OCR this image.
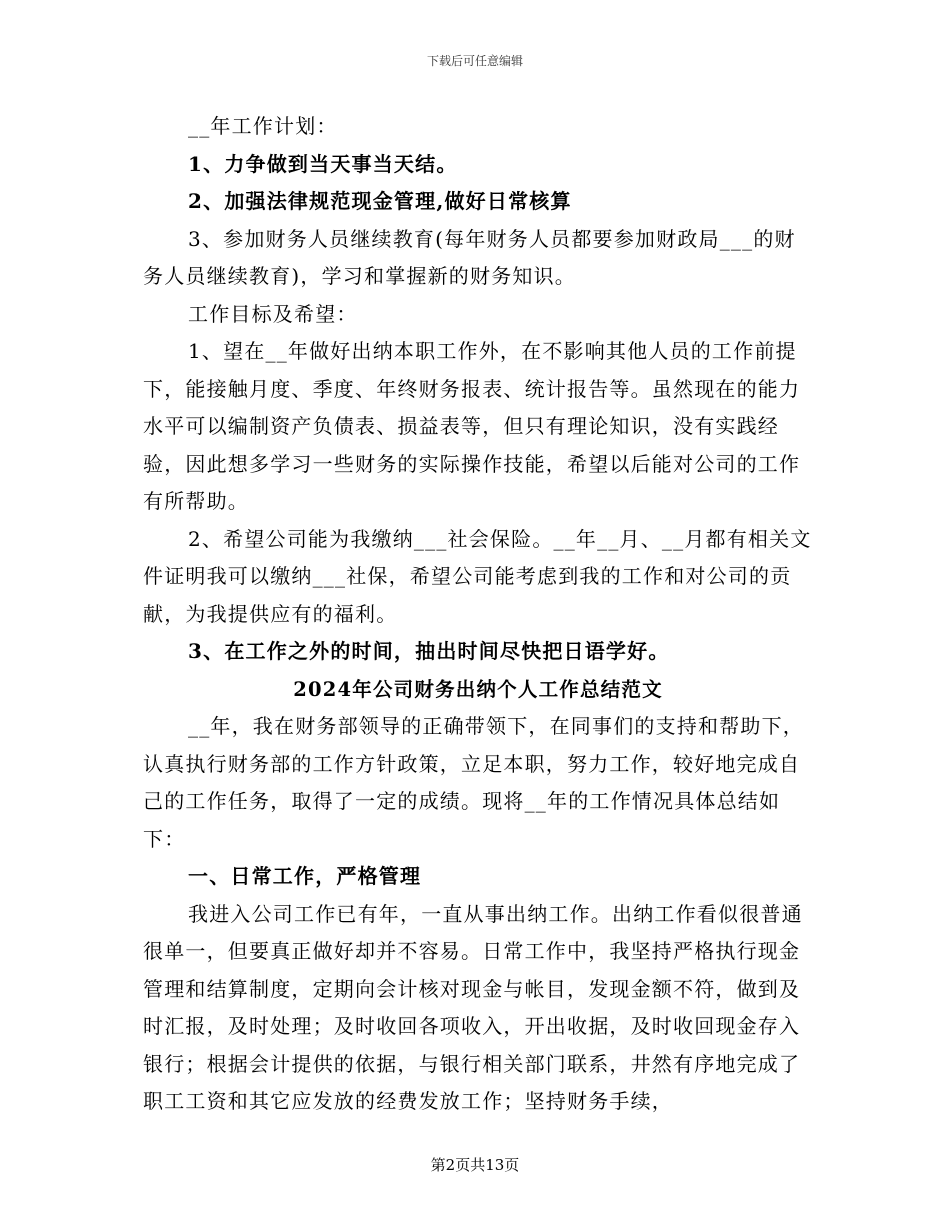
下载后可任意编辑

__年工作计划：

1、力争做到当天事当天结。

2、加强法律规范现金管理,做好日常核算

3、参加财务人员继续教育(每年财务人员都要参加财政局___的财务人员继续教育)，学习和掌握新的财务知识。

工作目标及希望：

1、望在__年做好出纳本职工作外，在不影响其他人员的工作前提下，能接触月度、季度、年终财务报表、统计报告等。虽然现在的能力水平可以编制资产负债表、损益表等，但只有理论知识，没有实践经验，因此想多学习一些财务的实际操作技能，希望以后能对公司的工作有所帮助。

2、希望公司能为我缴纳___社会保险。__年__月、__月都有相关文件证明我可以缴纳___社保，希望公司能考虑到我的工作和对公司的贡献，为我提供应有的福利。

3、在工作之外的时间，抽出时间尽快把日语学好。

2024年公司财务出纳个人工作总结范文

__年，我在财务部领导的正确带领下，在同事们的支持和帮助下，认真执行财务部的工作方针政策，立足本职，努力工作，较好地完成自己的工作任务，取得了一定的成绩。现将__年的工作情况具体总结如下：

一、日常工作，严格管理

我进入公司工作已有年，一直从事出纳工作。出纳工作看似很普通很单一，但要真正做好却并不容易。日常工作中，我坚持严格执行现金管理和结算制度，定期向会计核对现金与帐目，发现金额不符，做到及时汇报，及时处理；及时收回各项收入，开出收据，及时收回现金存入银行；根据会计提供的依据，与银行相关部门联系，井然有序地完成了职工工资和其它应发放的经费发放工作；坚持财务手续，

第2页共13页
